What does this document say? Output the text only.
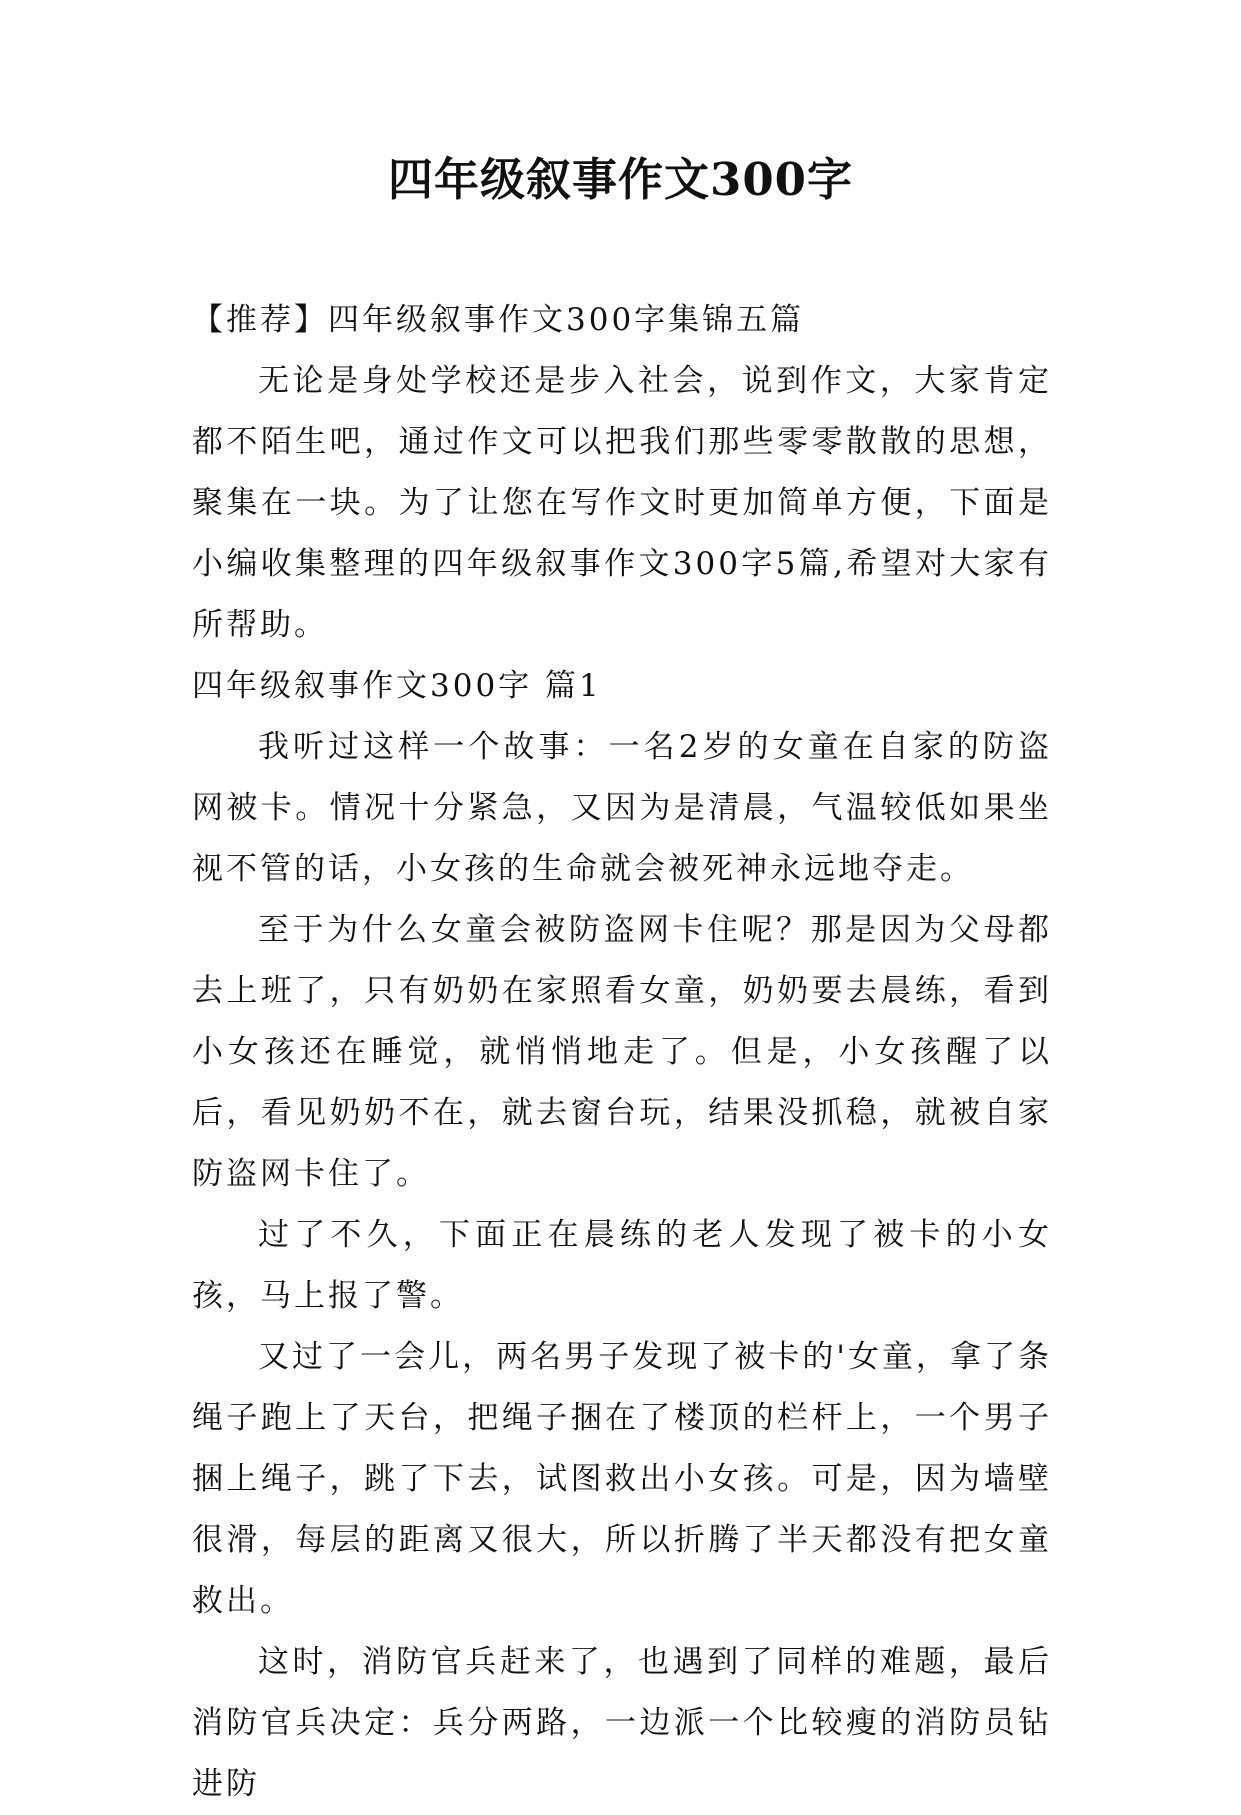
四年级叙事作文300字

【推荐】四年级叙事作文300字集锦五篇

无论是身处学校还是步入社会，说到作文，大家肯定都不陌生吧，通过作文可以把我们那些零零散散的思想，聚集在一块。为了让您在写作文时更加简单方便，下面是小编收集整理的四年级叙事作文300字5篇,希望对大家有所帮助。

四年级叙事作文300字 篇1

我听过这样一个故事：一名2岁的女童在自家的防盗网被卡。情况十分紧急，又因为是清晨，气温较低如果坐视不管的话，小女孩的生命就会被死神永远地夺走。

至于为什么女童会被防盗网卡住呢？那是因为父母都去上班了，只有奶奶在家照看女童，奶奶要去晨练，看到小女孩还在睡觉，就悄悄地走了。但是，小女孩醒了以后，看见奶奶不在，就去窗台玩，结果没抓稳，就被自家防盗网卡住了。

过了不久，下面正在晨练的老人发现了被卡的小女孩，马上报了警。

又过了一会儿，两名男子发现了被卡的'女童，拿了条绳子跑上了天台，把绳子捆在了楼顶的栏杆上，一个男子捆上绳子，跳了下去，试图救出小女孩。可是，因为墙壁很滑，每层的距离又很大，所以折腾了半天都没有把女童救出。

这时，消防官兵赶来了，也遇到了同样的难题，最后消防官兵决定：兵分两路，一边派一个比较瘦的消防员钻进防
